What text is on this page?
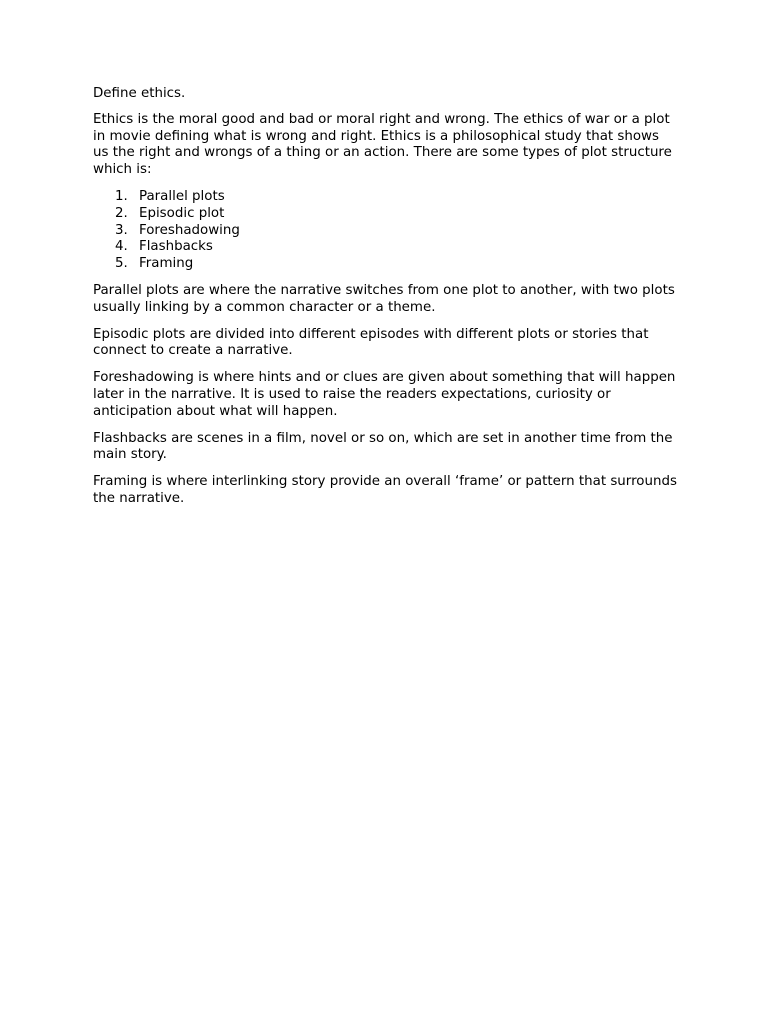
Define ethics.

Ethics is the moral good and bad or moral right and wrong. The ethics of war or a plot in movie defining what is wrong and right. Ethics is a philosophical study that shows us the right and wrongs of a thing or an action. There are some types of plot structure which is:

1. Parallel plots
2. Episodic plot
3. Foreshadowing
4. Flashbacks
5. Framing

Parallel plots are where the narrative switches from one plot to another, with two plots usually linking by a common character or a theme.

Episodic plots are divided into different episodes with different plots or stories that connect to create a narrative.

Foreshadowing is where hints and or clues are given about something that will happen later in the narrative. It is used to raise the readers expectations, curiosity or anticipation about what will happen.

Flashbacks are scenes in a film, novel or so on, which are set in another time from the main story.

Framing is where interlinking story provide an overall ‘frame’ or pattern that surrounds the narrative.
